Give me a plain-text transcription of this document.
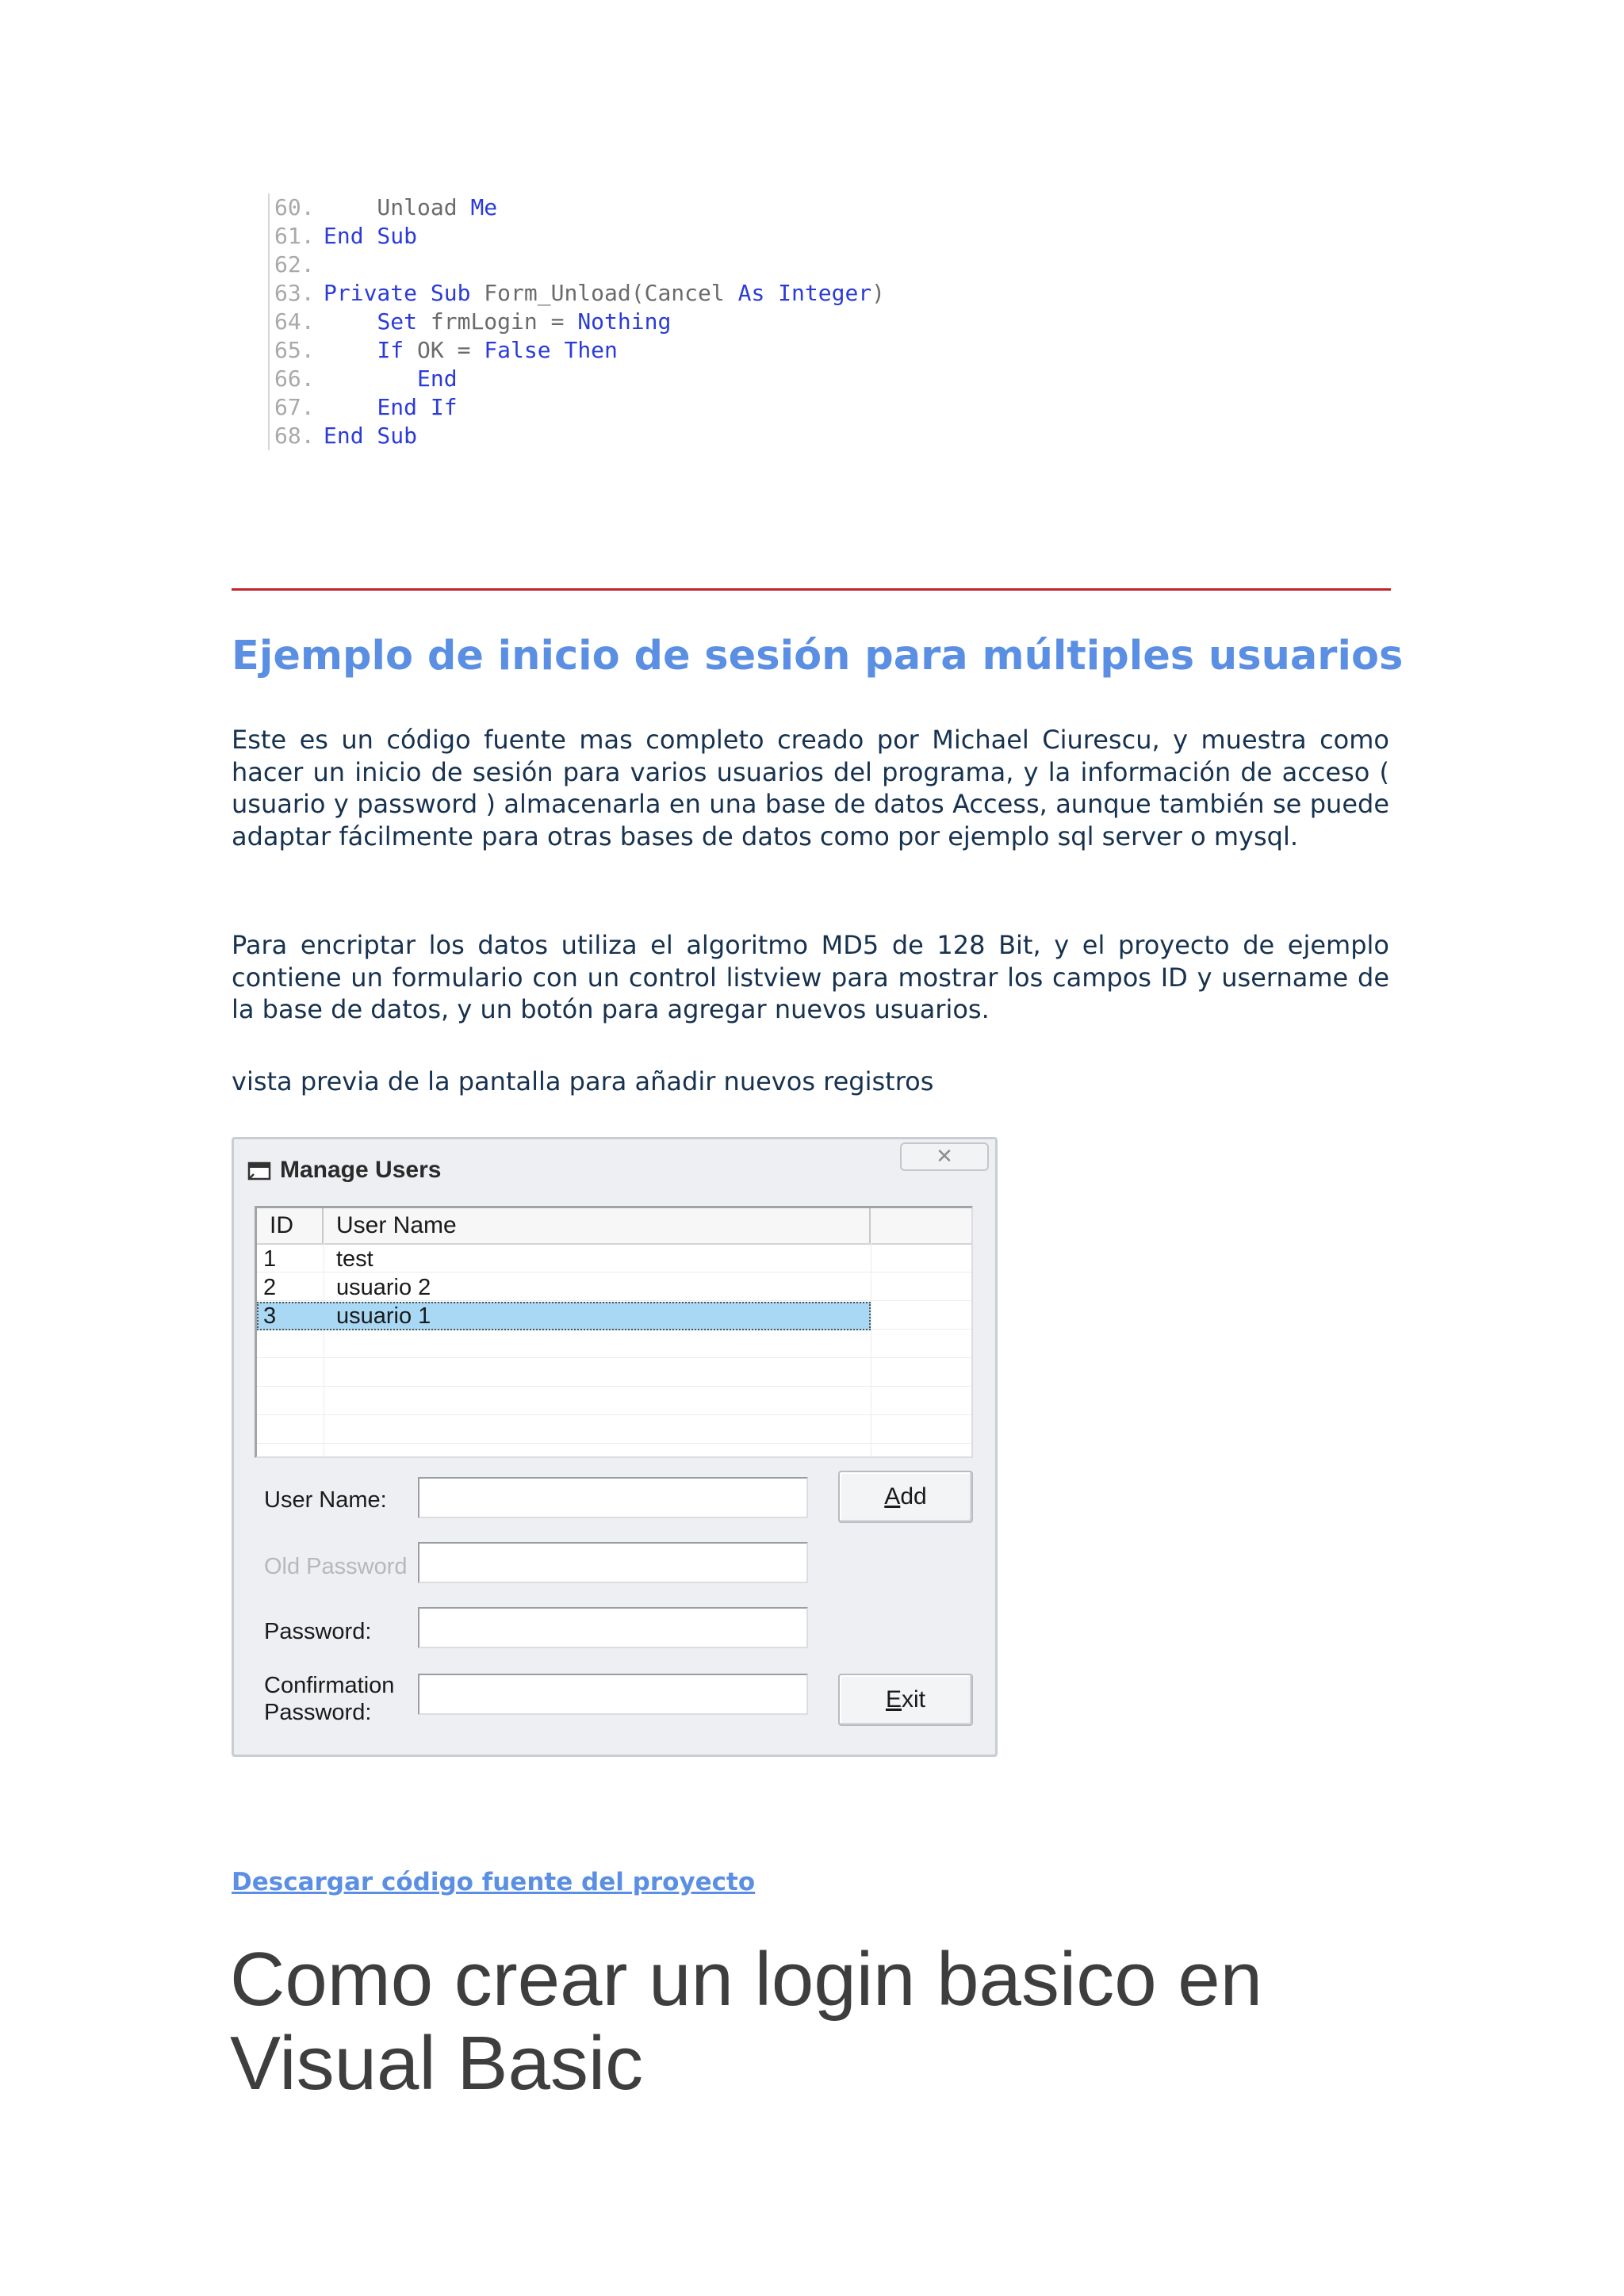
60.    Unload Me
61. End Sub
62.
63. Private Sub Form_Unload(Cancel As Integer)
64.	Set frmLogin = Nothing
65.	If OK = False Then
66.	End
67.	End If
68. End Sub
Ejemplo de inicio de sesión para múltiples usuarios

Este es un código fuente mas completo creado por Michael Ciurescu, y muestra como hacer un inicio de sesión para varios usuarios del programa, y la información de acceso ( usuario y password ) almacenarla en una base de datos Access, aunque también se puede adaptar fácilmente para otras bases de datos como por ejemplo sql server o mysql.

Para encriptar los datos utiliza el algoritmo MD5 de 128 Bit, y el proyecto de ejemplo contiene un formulario con un control listview para mostrar los campos ID y username de la base de datos, y un botón para agregar nuevos usuarios.

vista previa de la pantalla para añadir nuevos registros

Manage Users
✕
ID	User Name
1	test
2	usuario 2
3	usuario 1
User Name:
Old Password
Password:
Confirmation
Password:
Add
Exit
Descargar código fuente del proyecto
Como crear un login basico en Visual Basic
